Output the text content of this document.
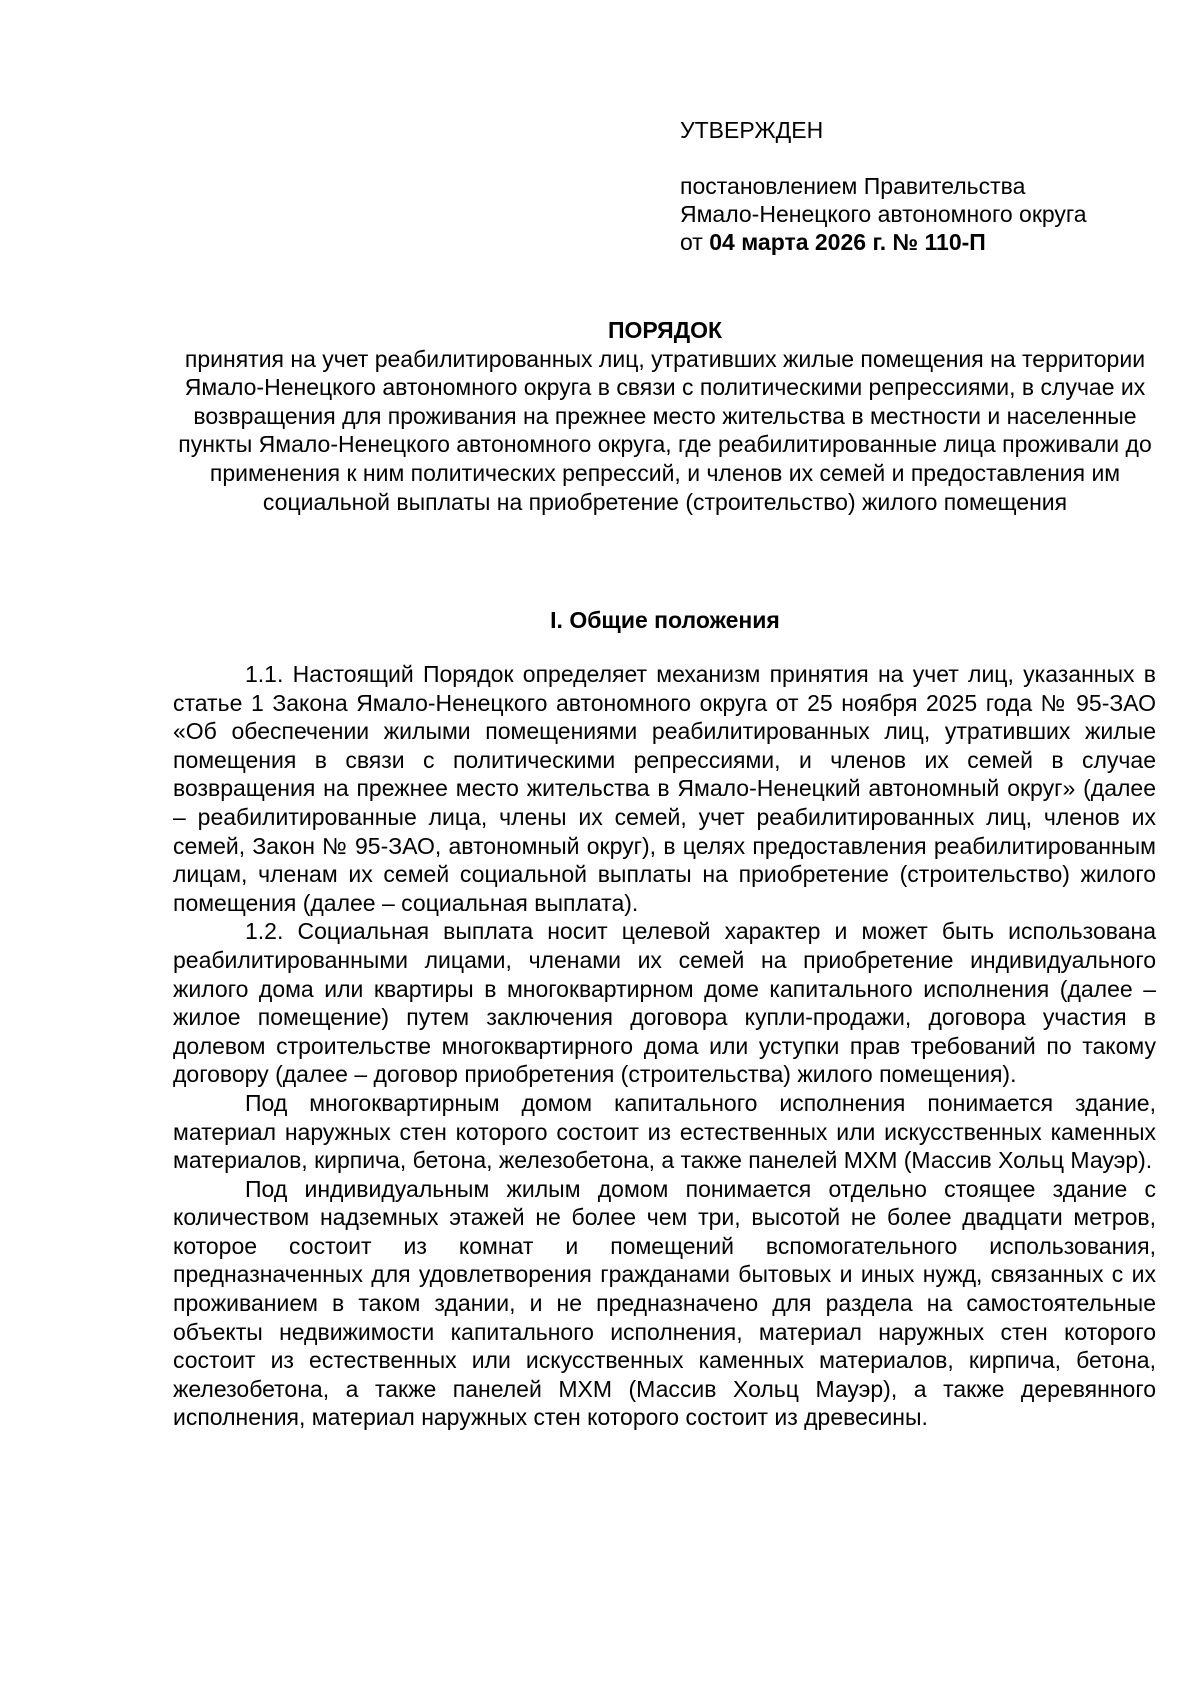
УТВЕРЖДЕН
постановлением Правительства
Ямало-Ненецкого автономного округа
от 04 марта 2026 г. № 110-П
ПОРЯДОК
принятия на учет реабилитированных лиц, утративших жилые помещения на территории Ямало-Ненецкого автономного округа в связи с политическими репрессиями, в случае их возвращения для проживания на прежнее место жительства в местности и населенные пункты Ямало-Ненецкого автономного округа, где реабилитированные лица проживали до применения к ним политических репрессий, и членов их семей и предоставления им социальной выплаты на приобретение (строительство) жилого помещения
I. Общие положения

1.1. Настоящий Порядок определяет механизм принятия на учет лиц, указанных в статье 1 Закона Ямало-Ненецкого автономного округа от 25 ноября 2025 года № 95-ЗАО «Об обеспечении жилыми помещениями реабилитированных лиц, утративших жилые помещения в связи с политическими репрессиями, и членов их семей в случае возвращения на прежнее место жительства в Ямало-Ненецкий автономный округ» (далее – реабилитированные лица, члены их семей, учет реабилитированных лиц, членов их семей, Закон № 95-ЗАО, автономный округ), в целях предоставления реабилитированным лицам, членам их семей социальной выплаты на приобретение (строительство) жилого помещения (далее – социальная выплата).

1.2. Социальная выплата носит целевой характер и может быть использована реабилитированными лицами, членами их семей на приобретение индивидуального жилого дома или квартиры в многоквартирном доме капитального исполнения (далее – жилое помещение) путем заключения договора купли-продажи, договора участия в долевом строительстве многоквартирного дома или уступки прав требований по такому договору (далее – договор приобретения (строительства) жилого помещения).

Под многоквартирным домом капитального исполнения понимается здание, материал наружных стен которого состоит из естественных или искусственных каменных материалов, кирпича, бетона, железобетона, а также панелей МХМ (Массив Хольц Мауэр).

Под индивидуальным жилым домом понимается отдельно стоящее здание с количеством надземных этажей не более чем три, высотой не более двадцати метров, которое состоит из комнат и помещений вспомогательного использования, предназначенных для удовлетворения гражданами бытовых и иных нужд, связанных с их проживанием в таком здании, и не предназначено для раздела на самостоятельные объекты недвижимости капитального исполнения, материал наружных стен которого состоит из естественных или искусственных каменных материалов, кирпича, бетона, железобетона, а также панелей МХМ (Массив Хольц Мауэр), а также деревянного исполнения, материал наружных стен которого состоит из древесины.
